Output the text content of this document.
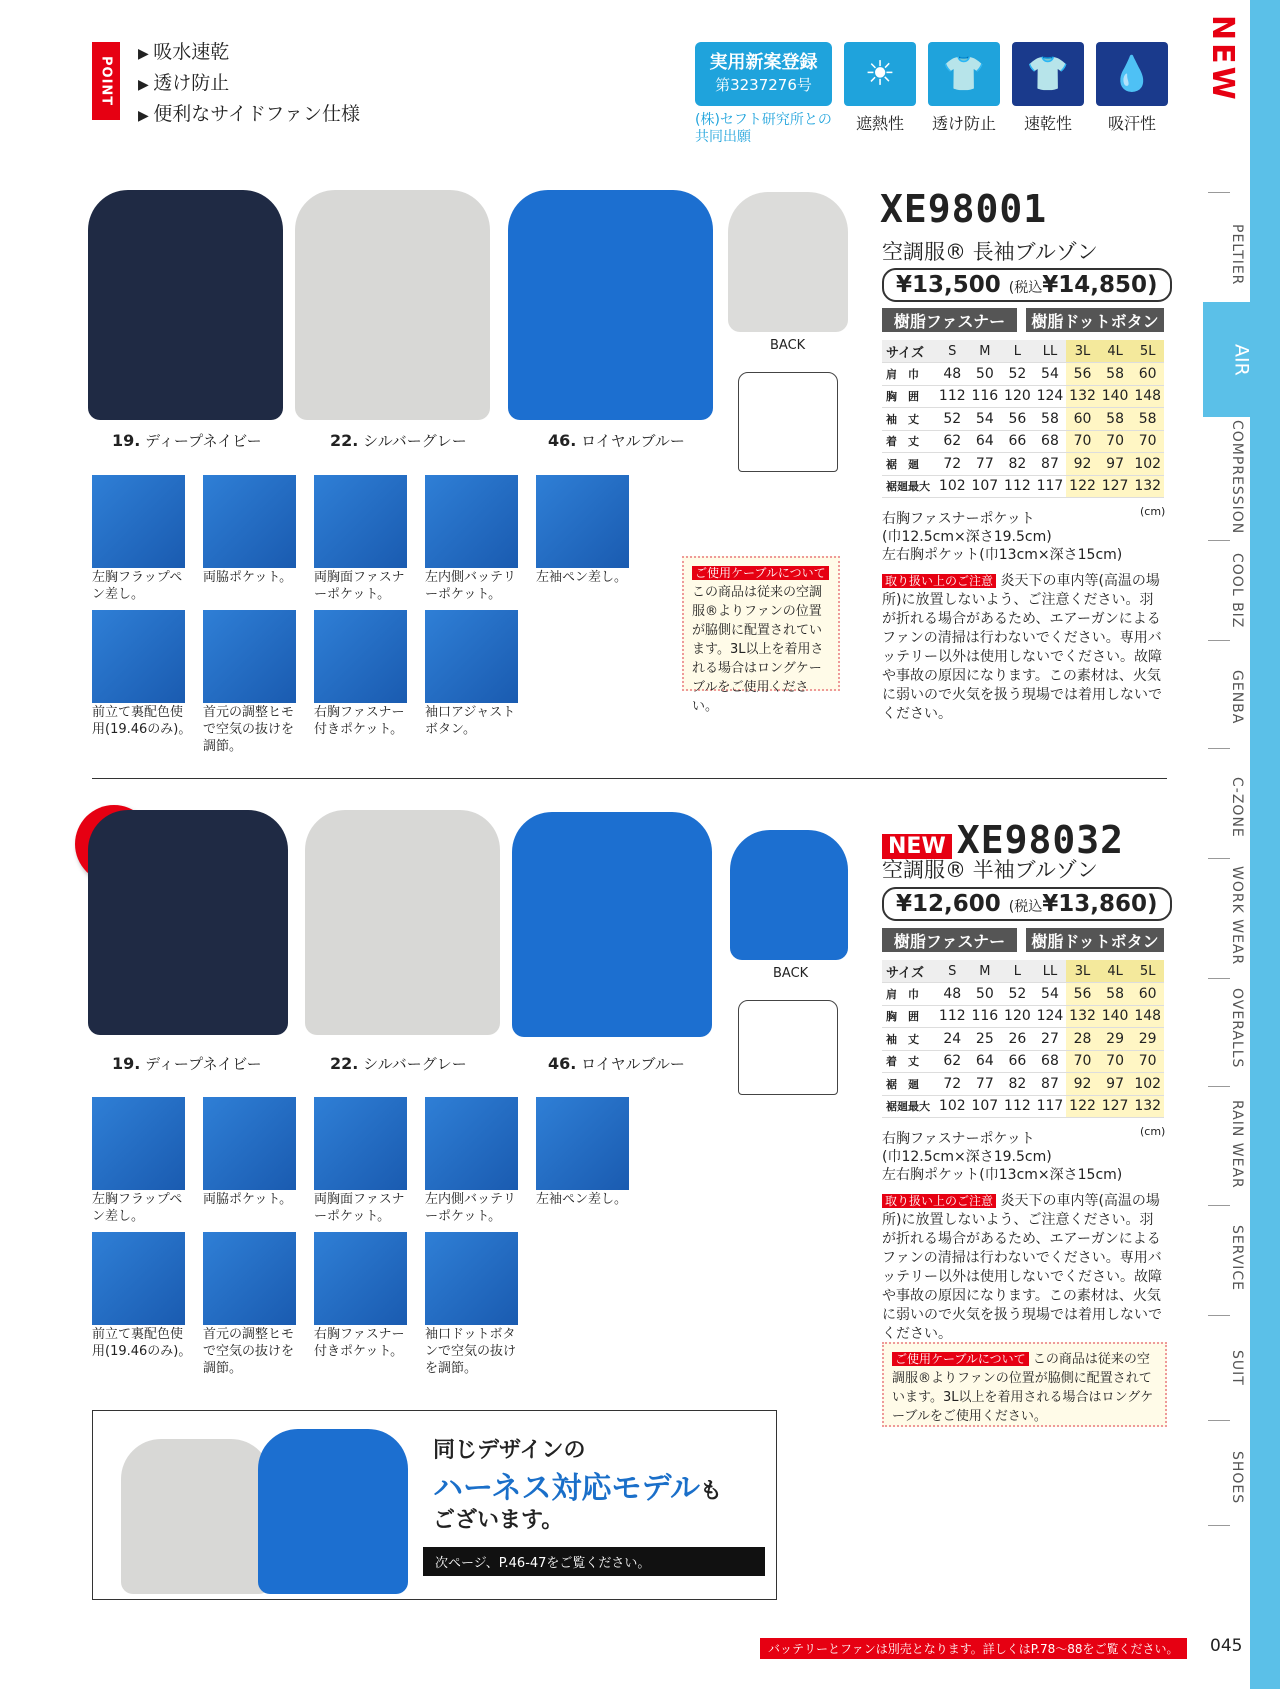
POINT
▶ 吸水速乾
▶ 透け防止
▶ 便利なサイドファン仕様
実用新案登録
第3237276号
(株)セフト研究所との
共同出願
☀
遮熱性
👕
透け防止
👕
速乾性
💧
吸汗性
NEW
PELTIER
AIR
COMPRESSION
COOL BIZ
GENBA
C-ZONE
WORK WEAR
OVERALLS
RAIN WEAR
SERVICE
SUIT
SHOES
BACK
19. ディープネイビー	22. シルバーグレー	46. ロイヤルブルー
左胸フラップペン差し。
両脇ポケット。	両胸面ファスナーポケット。
左内側バッテリーポケット。
左袖ペン差し。
前立て裏配色使用(19.46のみ)。
首元の調整ヒモで空気の抜けを調節。
右胸ファスナー付きポケット。
袖口アジャストボタン。
ご使用ケーブルについて
この商品は従来の空調服®よりファンの位置が脇側に配置されています。3L以上を着用される場合はロングケーブルをご使用ください。
XE98001
空調服® 長袖ブルゾン
¥13,500 (税込¥14,850)
樹脂ファスナー	樹脂ドットボタン
サイズ	S	M	L	LL	3L	4L	5L
肩　巾	48	50	52	54	56	58	60
胸　囲	112	116	120	124	132	140	148
袖　丈	52	54	56	58	60	58	58
着　丈	62	64	66	68	70	70	70
裾　廻	72	77	82	87	92	97	102
裾廻最大	102	107	112	117	122	127	132
(cm)
右胸ファスナーポケット
(巾12.5cm×深さ19.5cm)
左右胸ポケット(巾13cm×深さ15cm)
取り扱い上のご注意 炎天下の車内等(高温の場所)に放置しないよう、ご注意ください。羽が折れる場合があるため、エアーガンによるファンの清掃は行わないでください。専用バッテリー以外は使用しないでください。故障や事故の原因になります。この素材は、火気に弱いので火気を扱う現場では着用しないでください。
BACK
19. ディープネイビー	22. シルバーグレー	46. ロイヤルブルー
左胸フラップペン差し。
両脇ポケット。	両胸面ファスナーポケット。
左内側バッテリーポケット。
左袖ペン差し。
前立て裏配色使用(19.46のみ)。
首元の調整ヒモで空気の抜けを調節。
右胸ファスナー付きポケット。
袖口ドットボタンで空気の抜けを調節。
NEW XE98032
空調服® 半袖ブルゾン
¥12,600 (税込¥13,860)
樹脂ファスナー	樹脂ドットボタン
サイズ	S	M	L	LL	3L	4L	5L
肩　巾	48	50	52	54	56	58	60
胸　囲	112	116	120	124	132	140	148
袖　丈	24	25	26	27	28	29	29
着　丈	62	64	66	68	70	70	70
裾　廻	72	77	82	87	92	97	102
裾廻最大	102	107	112	117	122	127	132
(cm)
右胸ファスナーポケット
(巾12.5cm×深さ19.5cm)
左右胸ポケット(巾13cm×深さ15cm)
取り扱い上のご注意 炎天下の車内等(高温の場所)に放置しないよう、ご注意ください。羽が折れる場合があるため、エアーガンによるファンの清掃は行わないでください。専用バッテリー以外は使用しないでください。故障や事故の原因になります。この素材は、火気に弱いので火気を扱う現場では着用しないでください。
ご使用ケーブルについて この商品は従来の空調服®よりファンの位置が脇側に配置されています。3L以上を着用される場合はロングケーブルをご使用ください。
同じデザインの
ハーネス対応モデルも
ございます。
次ページ、P.46-47をご覧ください。
バッテリーとファンは別売となります。詳しくはP.78〜88をご覧ください。	045
